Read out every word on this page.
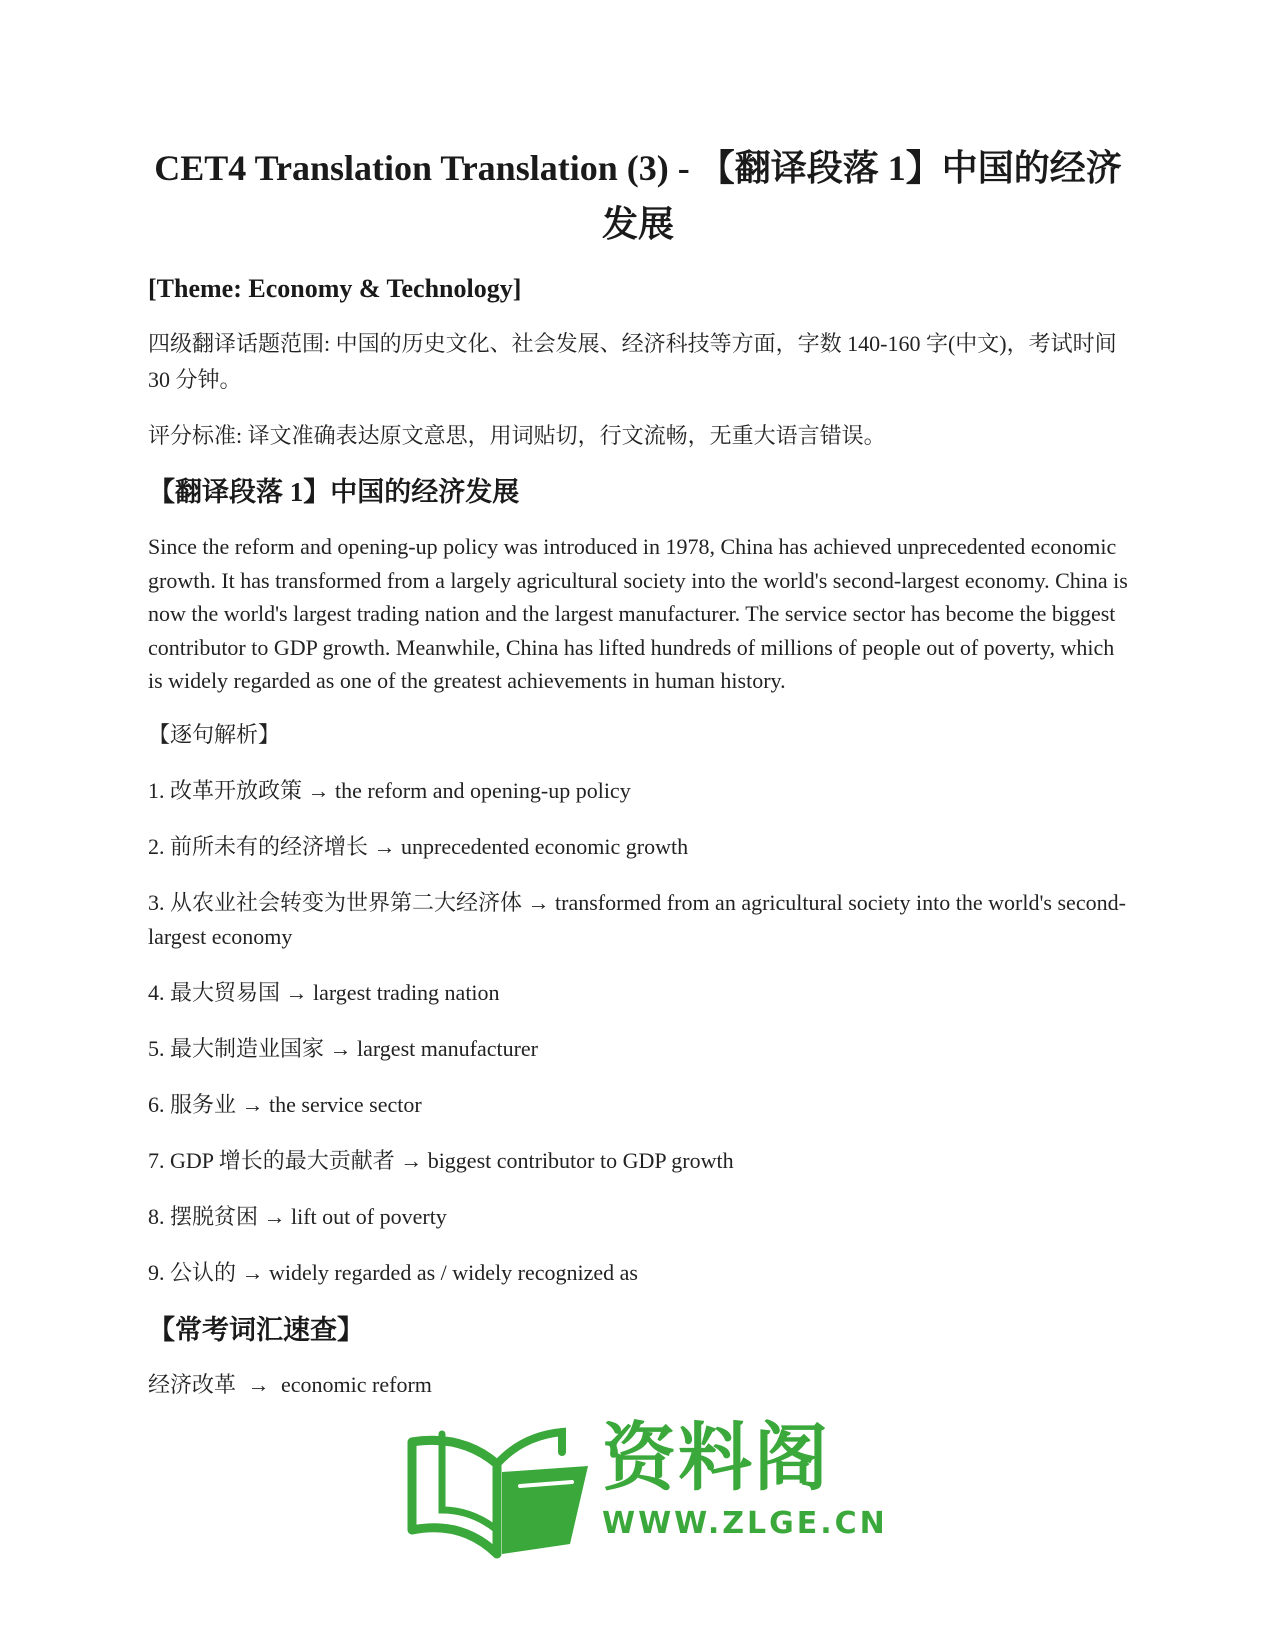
CET4 Translation Translation (3) - 【翻译段落 1】中国的经济发展
[Theme: Economy & Technology]

四级翻译话题范围: 中国的历史文化、社会发展、经济科技等方面，字数 140-160 字(中文)，考试时间 30 分钟。

评分标准: 译文准确表达原文意思，用词贴切，行文流畅，无重大语言错误。

【翻译段落 1】中国的经济发展

Since the reform and opening-up policy was introduced in 1978, China has achieved unprecedented economic growth. It has transformed from a largely agricultural society into the world's second-largest economy. China is now the world's largest trading nation and the largest manufacturer. The service sector has become the biggest contributor to GDP growth. Meanwhile, China has lifted hundreds of millions of people out of poverty, which is widely regarded as one of the greatest achievements in human history.

【逐句解析】
1. 改革开放政策 → the reform and opening-up policy
2. 前所未有的经济增长 → unprecedented economic growth
3. 从农业社会转变为世界第二大经济体 → transformed from an agricultural society into the world's second-largest economy
4. 最大贸易国 → largest trading nation
5. 最大制造业国家 → largest manufacturer
6. 服务业 → the service sector
7. GDP 增长的最大贡献者 → biggest contributor to GDP growth
8. 摆脱贫困 → lift out of poverty
9. 公认的 → widely regarded as / widely recognized as
【常考词汇速查】
经济改革 → economic reform
资料阁
WWW.ZLGE.CN
